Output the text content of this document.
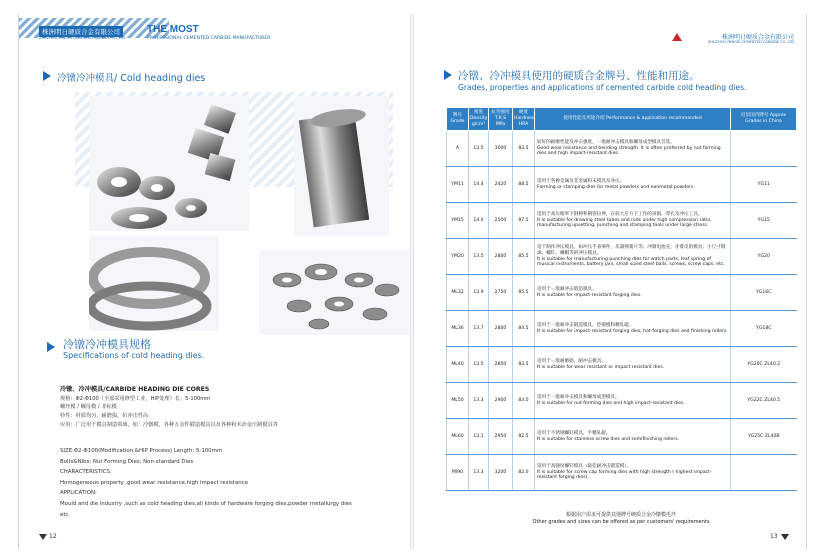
株洲明日硬质合金有限公司
ZHUZHOU MINGRI CEMENTED CARBIDE CO.,LTD
THE MOST
PROFESSIONAL CEMENTED CARBIDE MANUFACTURER
冷镦冷冲模具/ Cold heading dies
冷镦冷冲模具规格
Specifications of cold heading dies.
冷镦、冷冲模具/CARBIDE HEADING DIE CORES
规格：Φ2-Φ100（全部采用修型工业，HIP处理）长：5-100mm
螺丝模 / 螺母模 / 非标模
特性：材质均匀，耐磨损，抗冲击性高
应用：广泛用于模具制造领域，如：冷镦模，各种五金件锻造模具以及各种粉末冶金压制模具等
SIZE:Φ2-Φ100(Modification.&HIP Process) Length: 5-100mm
Bolts&Nibs; Nut Forming Dies; Non-standard Dies
CHARACTERISTICS:
Homogeneous property ,good wear resistance,high impact resistance
APPLICATION:
Mould and die industry ,such as cold heading dies,all kinds of hardware forging dies,powder metallurgy dies
etc.
12
株洲明日硬质合金有限公司
ZHUZHOU MINGRI CEMENTED CARBIDE CO.,LTD
冷镦、冷冲模具使用的硬质合金牌号、性能和用途。
Grades, properties and applications of cemented carbide cold heading dies.
牌号 Grade	密度 Density g/cm³	抗弯强度 T.R.S MPa	硬度 Hardness HRA	使用性能及用途介绍 Performance & application recommended	近似国内牌号 Approx Grades in China
A	13.5	3000	83.5	较好的耐磨性能及冲击强度，一般耐冲击模具和螺母成型模具首选。
Good wear resistance and bending strength. It is often preferred by nut forming dies and high impact-resistant dies.	

YM11	14.4	2420	88.5	适用于各种金属及非金属粉末模具及冲压。
Forming or stamping dies for metal powders and nonmetal powders.	YG11
YM15	14.0	2500	87.5	适用于高压缩率下钢棒和钢管拉伸，在较大应力下工作的顶锻、穿孔及冲压工具。
It is suitable for drawing steel tubes and rods under high compression ratio, manufacturing upsetting, punching and stamping tools under large stress.	YG15
YM20	13.5	2800	85.5	适于制作冲压模具，如冲压手表零件，乐器弹簧片等；冲制电池壳，牙膏皮的模具；小尺寸钢球、螺钉、螺帽等的冲压模具。
It is suitable for manufacturing punching dies for watch parts, leaf spring of musical instruments, battery jars, small sized steel balls, screws, screw caps, etc.	YG20
ML32	13.9	2750	85.5	适用于一般耐冲击锻造模具。
It is suitable for impact-resistant forging dies.	YG16C
ML36	13.7	2800	84.5	适用于一般耐冲击锻造模具，热锻模和精轧辊。
It is suitable for impact-resistant forging dies, hot-forging dies and finishing rollers.	YG18C
ML40	13.5	2850	83.5	适用于一般耐磨损，耐冲击模具。
It is suitable for wear resistant or impact resistant dies.	YG20C ZL40.2
ML50	13.3	2900	83.0	适用于一般耐冲击模具和螺母成型模具。
It is suitable for nut forming dies and high impact-resistant dies.	YG22C ZL40.5
ML60	13.1	2950	82.5	适用于不锈钢螺钉模具，半精轧辊。
It is suitable for stainless screw dies and semifinishing rollers.	YG25C ZL40B
MI90	13.3	3200	82.0	适用于高强度螺钉模具（最佳耐冲击锻造模）。
It is suitable for screw cap forming dies with high strength ( highest impact-resistant forging dies).	

根据用户需求可提供其他牌号硬质合金冷镦模毛坯
Other grades and sizes can be offered as per customers' requirements
13
